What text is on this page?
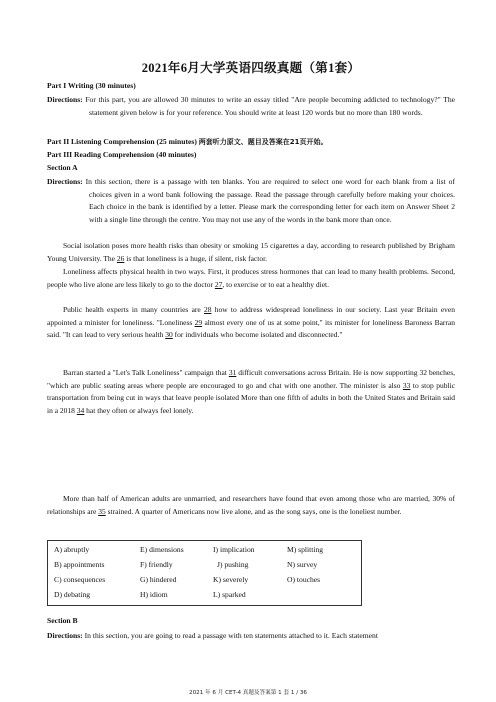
2021年6月大学英语四级真题（第1套）
Part I Writing (30 minutes)
Directions: For this part, you are allowed 30 minutes to write an essay titled "Are people becoming addicted to technology?" The statement given below is for your reference. You should write at least 120 words but no more than 180 words.
Part II Listening Comprehension (25 minutes) 两套听力原文、题目及答案在21页开始。
Part III Reading Comprehension (40 minutes)
Section A
Directions: In this section, there is a passage with ten blanks. You are required to select one word for each blank from a list of choices given in a word bank following the passage. Read the passage through carefully before making your choices. Each choice in the bank is identified by a letter. Please mark the corresponding letter for each item on Answer Sheet 2 with a single line through the centre. You may not use any of the words in the bank more than once.
Social isolation poses more health risks than obesity or smoking 15 cigarettes a day, according to research published by Brigham Young University. The 26 is that loneliness is a huge, if silent, risk factor.
Loneliness affects physical health in two ways. First, it produces stress hormones that can lead to many health problems. Second, people who live alone are less likely to go to the doctor 27, to exercise or to eat a healthy diet.
Public health experts in many countries are 28 how to address widespread loneliness in our society. Last year Britain even appointed a minister for loneliness. "Loneliness 29 almost every one of us at some point," its minister for loneliness Baroness Barran said. "It can lead to very serious health 30 for individuals who become isolated and disconnected."
Barran started a "Let's Talk Loneliness" campaign that 31 difficult conversations across Britain. He is now supporting 32 benches, "which are public seating areas where people are encouraged to go and chat with one another. The minister is also 33 to stop public transportation from being cut in ways that leave people isolated More than one fifth of adults in both the United States and Britain said in a 2018 34 hat they often or always feel lonely.
More than half of American adults are unmarried, and researchers have found that even among those who are married, 30% of relationships are 35 strained. A quarter of Americans now live alone, and as the song says, one is the loneliest number.
Section B
Directions: In this section, you are going to read a passage with ten statements attached to it. Each statement
A) abruptly	E) dimensions	I) implication	M) splitting
B) appointments	F) friendly	J) pushing	N) survey
C) consequences	G) hindered	K) severely	O) touches
D) debating	H) idiom	L) sparked
2021 年 6 月 CET-4 真题及答案第 1 套 1 / 36
